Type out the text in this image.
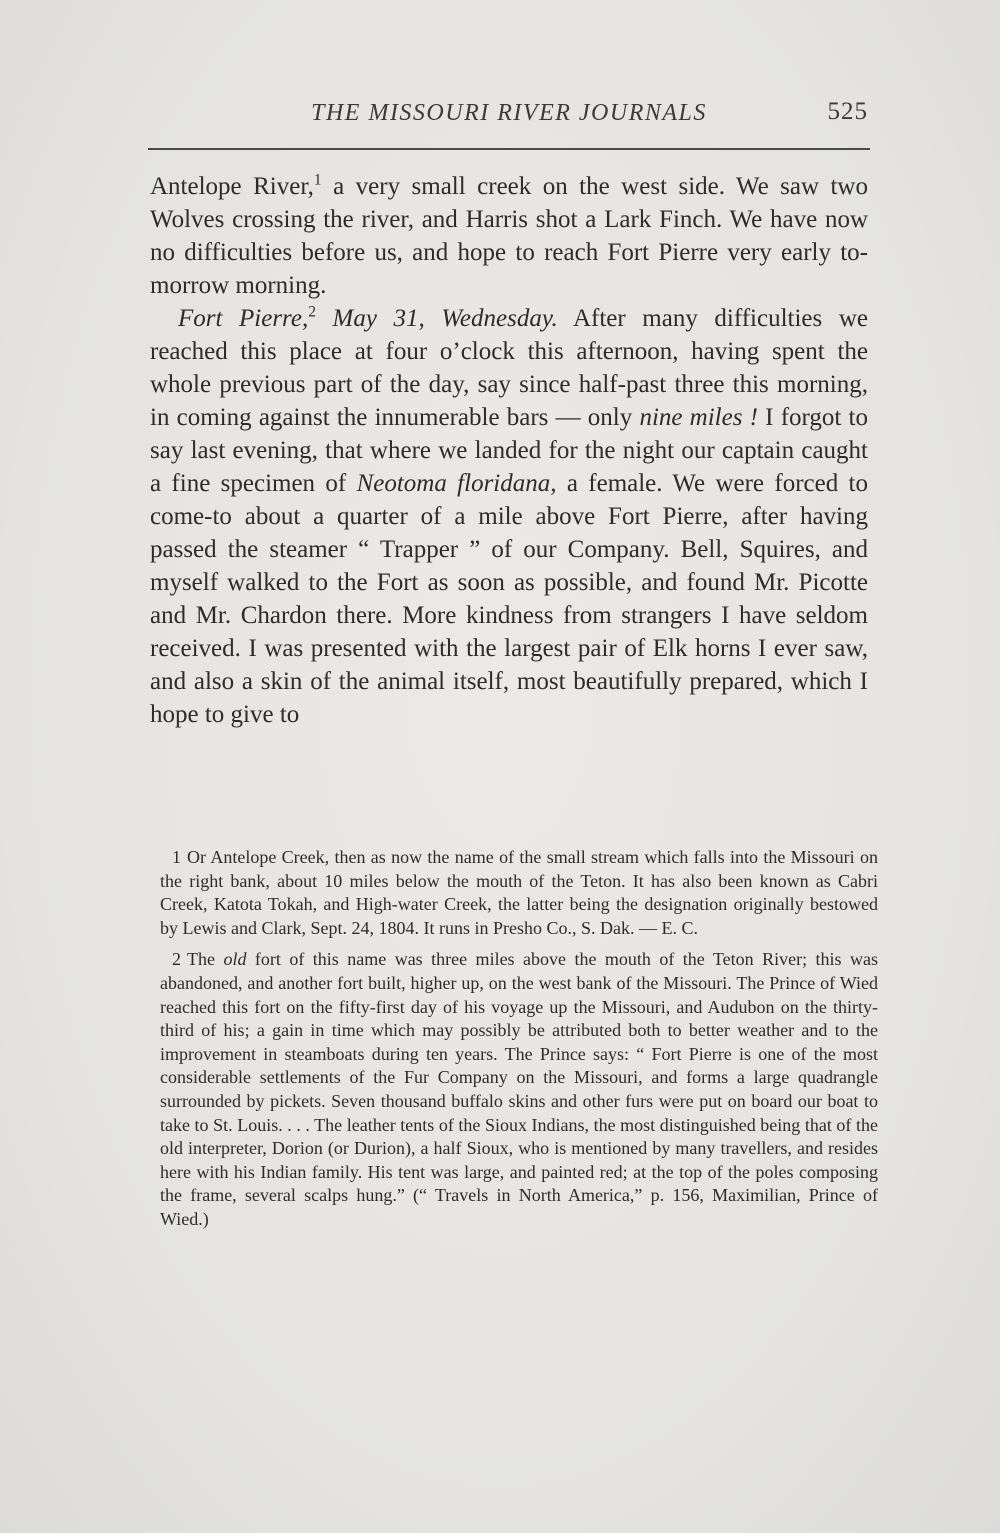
THE MISSOURI RIVER JOURNALS	525

Antelope River,$^1$ a very small creek on the west side. We saw two Wolves crossing the river, and Harris shot a Lark Finch. We have now no difficulties before us, and hope to reach Fort Pierre very early to-morrow morning.

Fort Pierre,$^2$ May 31, Wednesday. After many difficulties we reached this place at four o’clock this afternoon, having spent the whole previous part of the day, say since half-past three this morning, in coming against the innumerable bars — only nine miles ! I forgot to say last evening, that where we landed for the night our captain caught a fine specimen of Neotoma floridana, a female. We were forced to come-to about a quarter of a mile above Fort Pierre, after having passed the steamer “ Trapper ” of our Company. Bell, Squires, and myself walked to the Fort as soon as possible, and found Mr. Picotte and Mr. Chardon there. More kindness from strangers I have seldom received. I was presented with the largest pair of Elk horns I ever saw, and also a skin of the animal itself, most beautifully prepared, which I hope to give to

1 Or Antelope Creek, then as now the name of the small stream which falls into the Missouri on the right bank, about 10 miles below the mouth of the Teton. It has also been known as Cabri Creek, Katota Tokah, and High-water Creek, the latter being the designation originally bestowed by Lewis and Clark, Sept. 24, 1804. It runs in Presho Co., S. Dak. — E. C.

2 The old fort of this name was three miles above the mouth of the Teton River; this was abandoned, and another fort built, higher up, on the west bank of the Missouri. The Prince of Wied reached this fort on the fifty-first day of his voyage up the Missouri, and Audubon on the thirty-third of his; a gain in time which may possibly be attributed both to better weather and to the improvement in steamboats during ten years. The Prince says: “ Fort Pierre is one of the most considerable settlements of the Fur Company on the Missouri, and forms a large quadrangle surrounded by pickets. Seven thousand buffalo skins and other furs were put on board our boat to take to St. Louis. . . . The leather tents of the Sioux Indians, the most distinguished being that of the old interpreter, Dorion (or Durion), a half Sioux, who is mentioned by many travellers, and resides here with his Indian family. His tent was large, and painted red; at the top of the poles composing the frame, several scalps hung.” (“ Travels in North America,” p. 156, Maximilian, Prince of Wied.)
